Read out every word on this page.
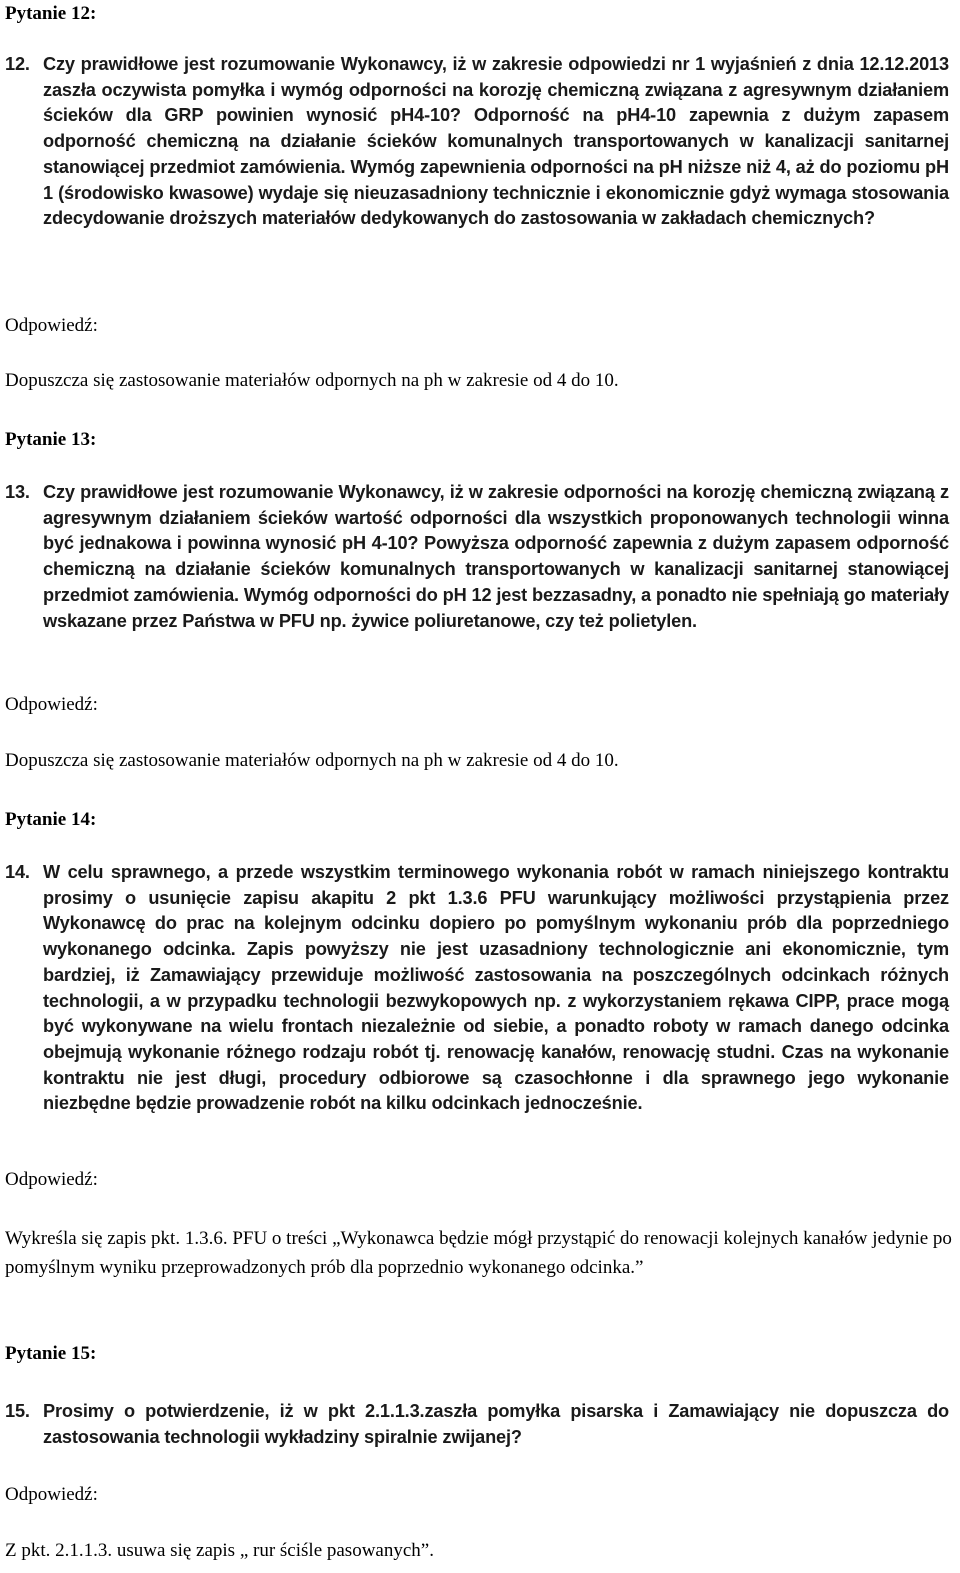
Pytanie 12:
12. Czy prawidłowe jest rozumowanie Wykonawcy, iż w zakresie odpowiedzi nr 1 wyjaśnień z dnia 12.12.2013 zaszła oczywista pomyłka i wymóg odporności na korozję chemiczną związana z agresywnym działaniem ścieków dla GRP powinien wynosić pH4-10? Odporność na pH4-10 zapewnia z dużym zapasem odporność chemiczną na działanie ścieków komunalnych transportowanych w kanalizacji sanitarnej stanowiącej przedmiot zamówienia. Wymóg zapewnienia odporności na pH niższe niż 4, aż do poziomu pH 1 (środowisko kwasowe) wydaje się nieuzasadniony technicznie i ekonomicznie gdyż wymaga stosowania zdecydowanie droższych materiałów dedykowanych do zastosowania w zakładach chemicznych?
Odpowiedź:

Dopuszcza się zastosowanie materiałów odpornych na ph w zakresie od 4 do 10.

Pytanie 13:
13. Czy prawidłowe jest rozumowanie Wykonawcy, iż w zakresie odporności na korozję chemiczną związaną z agresywnym działaniem ścieków wartość odporności dla wszystkich proponowanych technologii winna być jednakowa i powinna wynosić pH 4-10? Powyższa odporność zapewnia z dużym zapasem odporność chemiczną na działanie ścieków komunalnych transportowanych w kanalizacji sanitarnej stanowiącej przedmiot zamówienia. Wymóg odporności do pH 12 jest bezzasadny, a ponadto nie spełniają go materiały wskazane przez Państwa w PFU np. żywice poliuretanowe, czy też polietylen.
Odpowiedź:

Dopuszcza się zastosowanie materiałów odpornych na ph w zakresie od 4 do 10.

Pytanie 14:
14. W celu sprawnego, a przede wszystkim terminowego wykonania robót w ramach niniejszego kontraktu prosimy o usunięcie zapisu akapitu 2 pkt 1.3.6 PFU warunkujący możliwości przystąpienia przez Wykonawcę do prac na kolejnym odcinku dopiero po pomyślnym wykonaniu prób dla poprzedniego wykonanego odcinka. Zapis powyższy nie jest uzasadniony technologicznie ani ekonomicznie, tym bardziej, iż Zamawiający przewiduje możliwość zastosowania na poszczególnych odcinkach różnych technologii, a w przypadku technologii bezwykopowych np. z wykorzystaniem rękawa CIPP, prace mogą być wykonywane na wielu frontach niezależnie od siebie, a ponadto roboty w ramach danego odcinka obejmują wykonanie różnego rodzaju robót tj. renowację kanałów, renowację studni. Czas na wykonanie kontraktu nie jest długi, procedury odbiorowe są czasochłonne i dla sprawnego jego wykonanie niezbędne będzie prowadzenie robót na kilku odcinkach jednocześnie.
Odpowiedź:

Wykreśla się zapis pkt. 1.3.6. PFU o treści „Wykonawca będzie mógł przystąpić do renowacji kolejnych kanałów jedynie po pomyślnym wyniku przeprowadzonych prób dla poprzednio wykonanego odcinka.”

Pytanie 15:
15. Prosimy o potwierdzenie, iż w pkt 2.1.1.3.zaszła pomyłka pisarska i Zamawiający nie dopuszcza do zastosowania technologii wykładziny spiralnie zwijanej?
Odpowiedź:

Z pkt. 2.1.1.3. usuwa się zapis „ rur ściśle pasowanych”.
